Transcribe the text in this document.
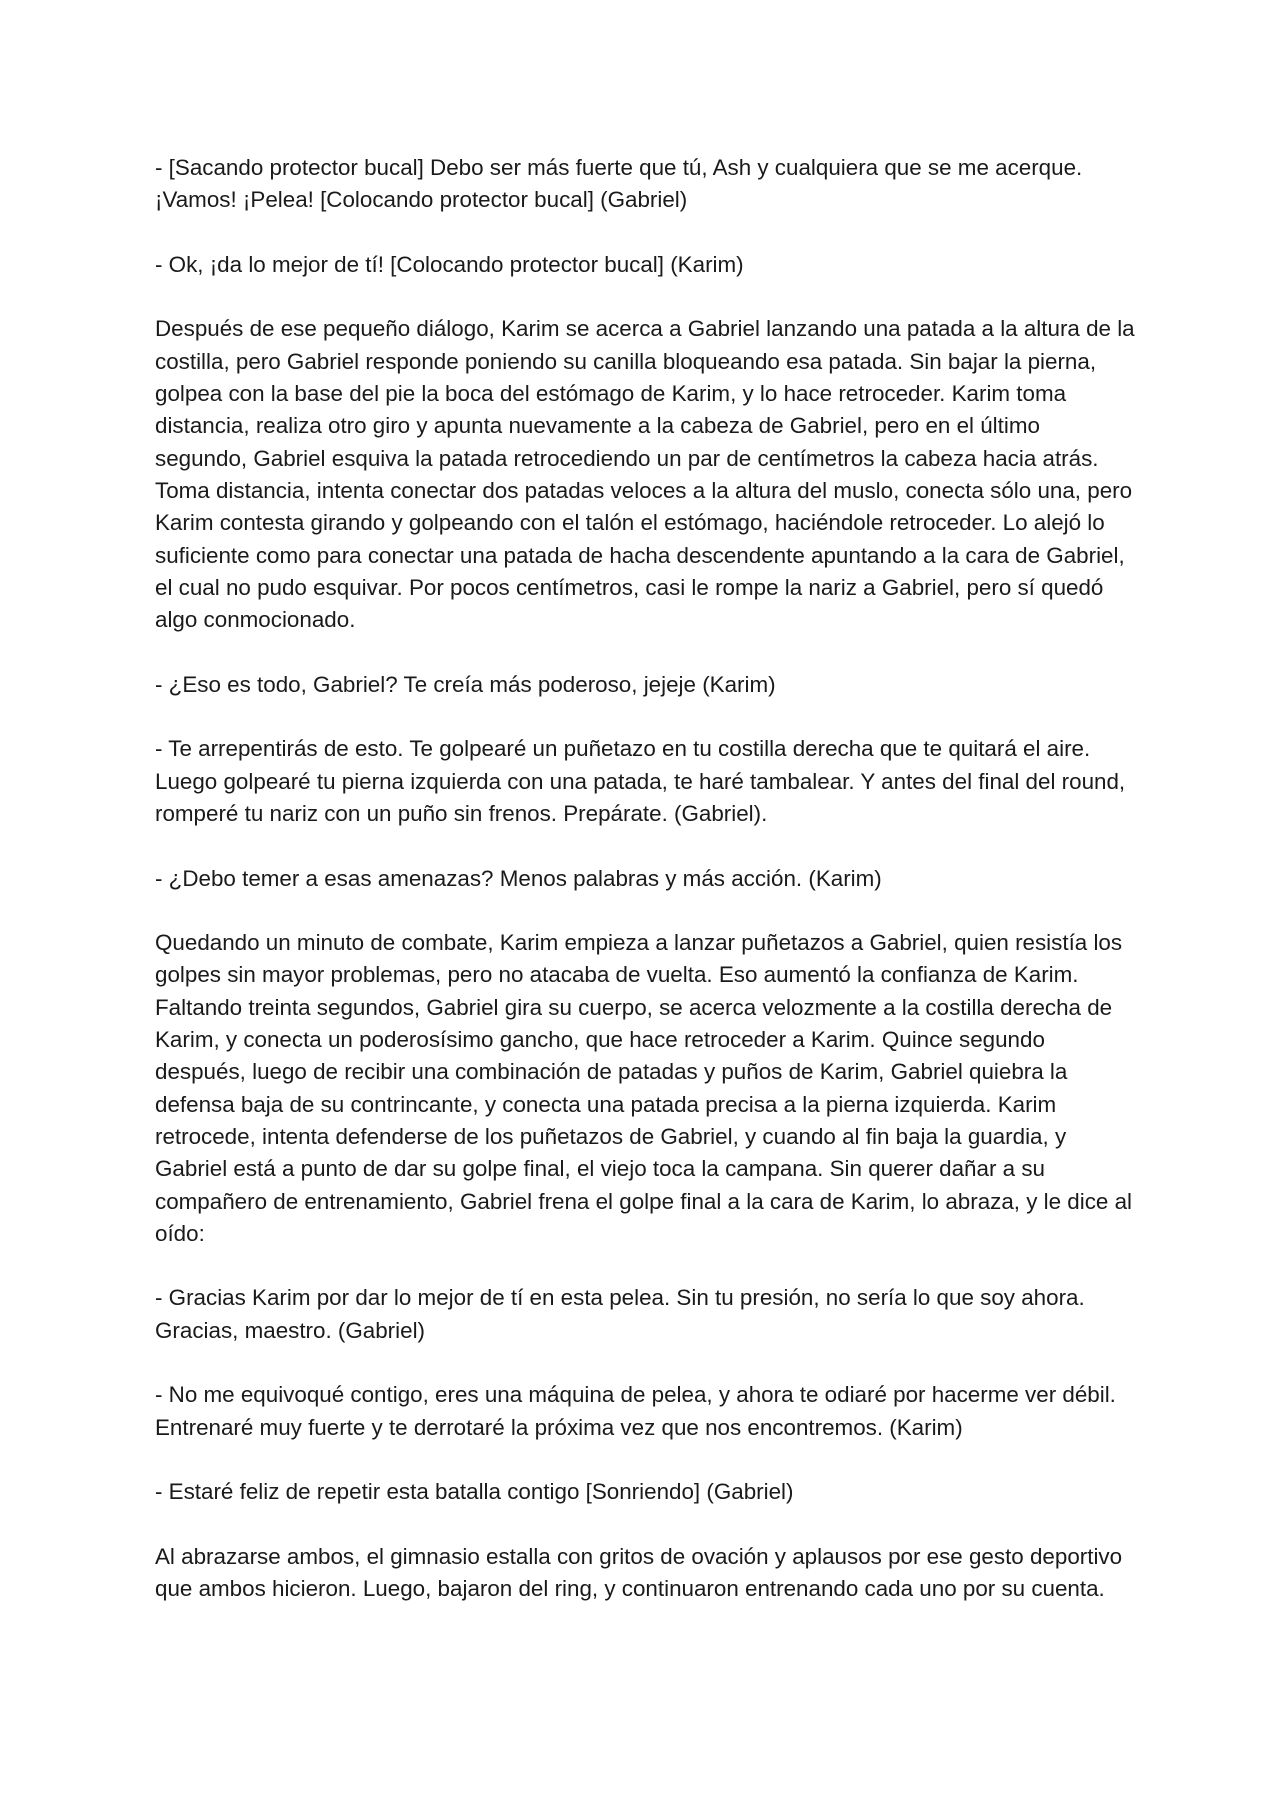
- [Sacando protector bucal] Debo ser más fuerte que tú, Ash y cualquiera que se me acerque. ¡Vamos! ¡Pelea! [Colocando protector bucal] (Gabriel)

- Ok, ¡da lo mejor de tí! [Colocando protector bucal] (Karim)

Después de ese pequeño diálogo, Karim se acerca a Gabriel lanzando una patada a la altura de la costilla, pero Gabriel responde poniendo su canilla bloqueando esa patada. Sin bajar la pierna, golpea con la base del pie la boca del estómago de Karim, y lo hace retroceder. Karim toma distancia, realiza otro giro y apunta nuevamente a la cabeza de Gabriel, pero en el último segundo, Gabriel esquiva la patada retrocediendo un par de centímetros la cabeza hacia atrás. Toma distancia, intenta conectar dos patadas veloces a la altura del muslo, conecta sólo una, pero Karim contesta girando y golpeando con el talón el estómago, haciéndole retroceder. Lo alejó lo suficiente como para conectar una patada de hacha descendente apuntando a la cara de Gabriel, el cual no pudo esquivar. Por pocos centímetros, casi le rompe la nariz a Gabriel, pero sí quedó algo conmocionado.

- ¿Eso es todo, Gabriel? Te creía más poderoso, jejeje (Karim)

- Te arrepentirás de esto. Te golpearé un puñetazo en tu costilla derecha que te quitará el aire. Luego golpearé tu pierna izquierda con una patada, te haré tambalear. Y antes del final del round, romperé tu nariz con un puño sin frenos. Prepárate. (Gabriel).

- ¿Debo temer a esas amenazas? Menos palabras y más acción. (Karim)

Quedando un minuto de combate, Karim empieza a lanzar puñetazos a Gabriel, quien resistía los golpes sin mayor problemas, pero no atacaba de vuelta. Eso aumentó la confianza de Karim. Faltando treinta segundos, Gabriel gira su cuerpo, se acerca velozmente a la costilla derecha de Karim, y conecta un poderosísimo gancho, que hace retroceder a Karim. Quince segundo después, luego de recibir una combinación de patadas y puños de Karim, Gabriel quiebra la defensa baja de su contrincante, y conecta una patada precisa a la pierna izquierda. Karim retrocede, intenta defenderse de los puñetazos de Gabriel, y cuando al fin baja la guardia, y Gabriel está a punto de dar su golpe final, el viejo toca la campana. Sin querer dañar a su compañero de entrenamiento, Gabriel frena el golpe final a la cara de Karim, lo abraza, y le dice al oído:

- Gracias Karim por dar lo mejor de tí en esta pelea. Sin tu presión, no sería lo que soy ahora. Gracias, maestro. (Gabriel)

- No me equivoqué contigo, eres una máquina de pelea, y ahora te odiaré por hacerme ver débil. Entrenaré muy fuerte y te derrotaré la próxima vez que nos encontremos. (Karim)

- Estaré feliz de repetir esta batalla contigo [Sonriendo] (Gabriel)

Al abrazarse ambos, el gimnasio estalla con gritos de ovación y aplausos por ese gesto deportivo que ambos hicieron. Luego, bajaron del ring, y continuaron entrenando cada uno por su cuenta.
